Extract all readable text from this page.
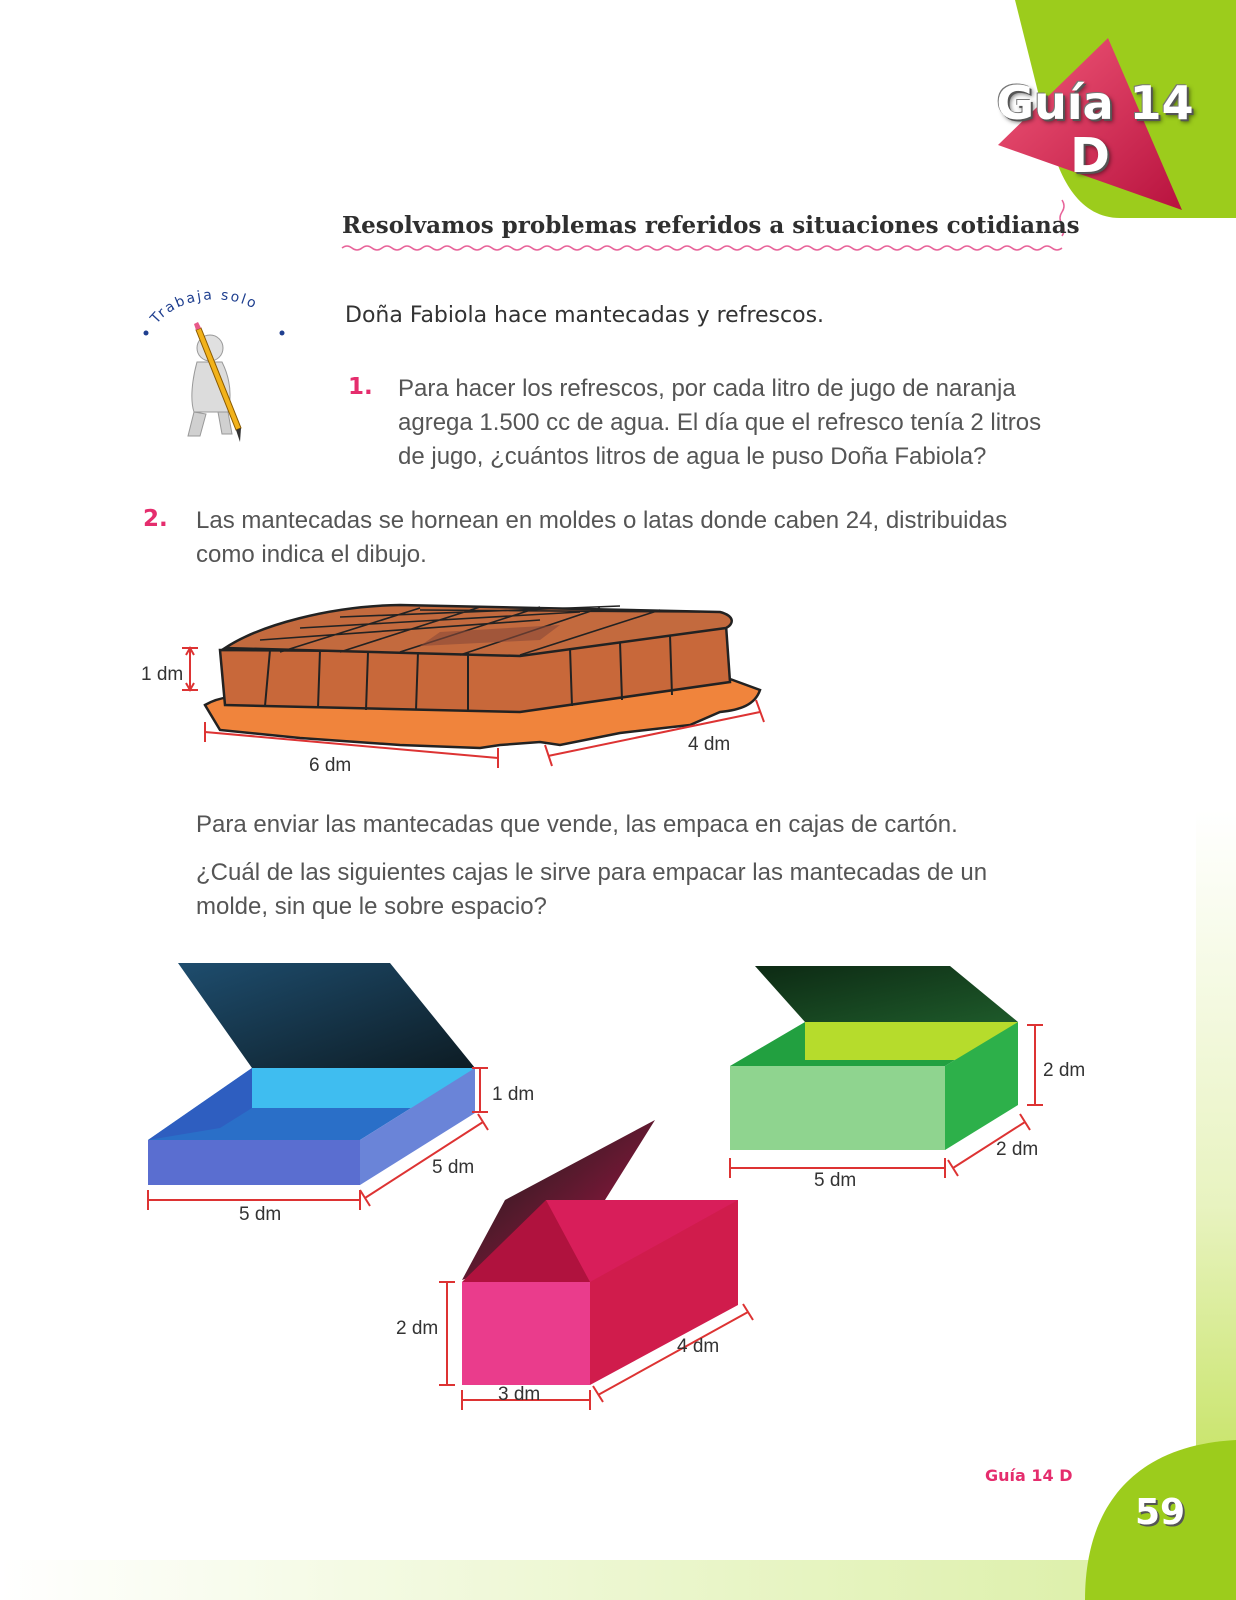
Trabaja solo
Guía 14
D
Resolvamos problemas referidos a situaciones cotidianas
Doña Fabiola hace mantecadas y refrescos.
1. Para hacer los refrescos, por cada litro de jugo de naranja
agrega 1.500 cc de agua. El día que el refresco tenía 2 litros
de jugo, ¿cuántos litros de agua le puso Doña Fabiola?
2. Las mantecadas se hornean en moldes o latas donde caben 24, distribuidas
como indica el dibujo.
1 dm
6 dm
4 dm
Para enviar las mantecadas que vende, las empaca en cajas de cartón.
¿Cuál de las siguientes cajas le sirve para empacar las mantecadas de un
molde, sin que le sobre espacio?
1 dm
5 dm
5 dm
2 dm
2 dm
5 dm
2 dm
4 dm
3 dm
Guía 14 D
59
